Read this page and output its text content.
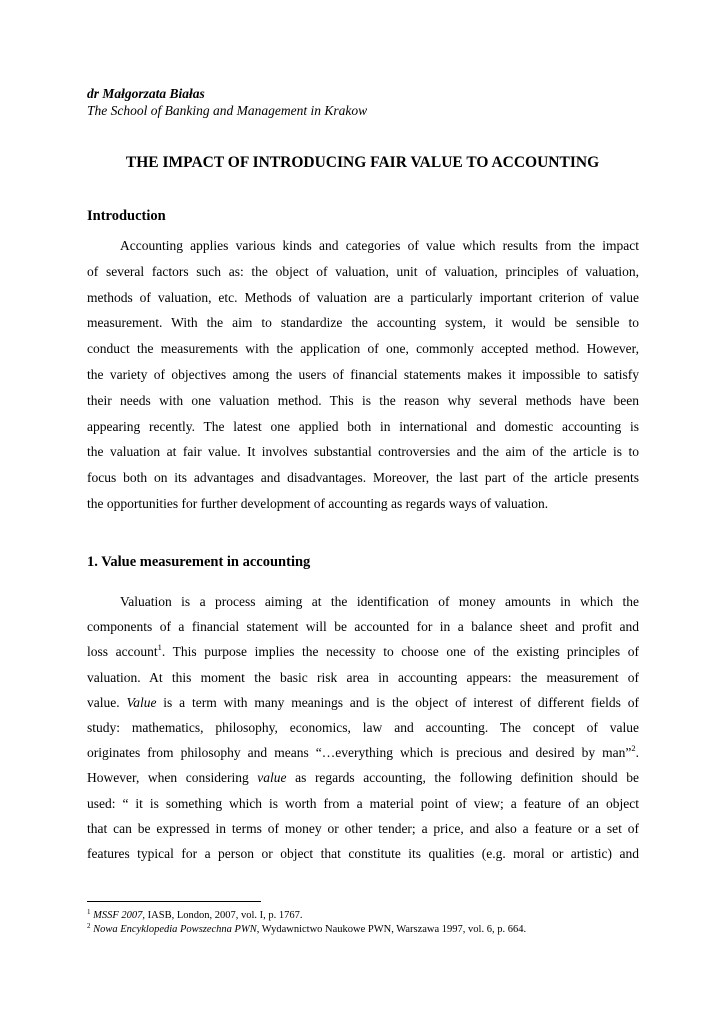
dr Małgorzata Białas
The School of Banking and Management in Krakow
THE IMPACT OF INTRODUCING FAIR VALUE TO ACCOUNTING
Introduction
Accounting applies various kinds and categories of value which results from the impact
of several factors such as: the object of valuation, unit of valuation, principles of valuation,
methods of valuation, etc. Methods of valuation are a particularly important criterion of value
measurement. With the aim to standardize the accounting system, it would be sensible to
conduct the measurements with the application of one, commonly accepted method. However,
the variety of objectives among the users of financial statements makes it impossible to satisfy
their needs with one valuation method. This is the reason why several methods have been
appearing recently. The latest one applied both in international and domestic accounting is
the valuation at fair value. It involves substantial controversies and the aim of the article is to
focus both on its advantages and disadvantages. Moreover, the last part of the article presents
the opportunities for further development of accounting as regards ways of valuation.
1. Value measurement in accounting
Valuation is a process aiming at the identification of money amounts in which the
components of a financial statement will be accounted for in a balance sheet and profit and
loss account$^1$. This purpose implies the necessity to choose one of the existing principles of
valuation. At this moment the basic risk area in accounting appears: the measurement of
value. Value is a term with many meanings and is the object of interest of different fields of
study: mathematics, philosophy, economics, law and accounting. The concept of value
originates from philosophy and means “…everything which is precious and desired by man”$^2$.
However, when considering value as regards accounting, the following definition should be
used: “ it is something which is worth from a material point of view; a feature of an object
that can be expressed in terms of money or other tender; a price, and also a feature or a set of
features typical for a person or object that constitute its qualities (e.g. moral or artistic) and
$^1$ MSSF 2007, IASB, London, 2007, vol. I, p. 1767.
$^2$ Nowa Encyklopedia Powszechna PWN, Wydawnictwo Naukowe PWN, Warszawa 1997, vol. 6, p. 664.
